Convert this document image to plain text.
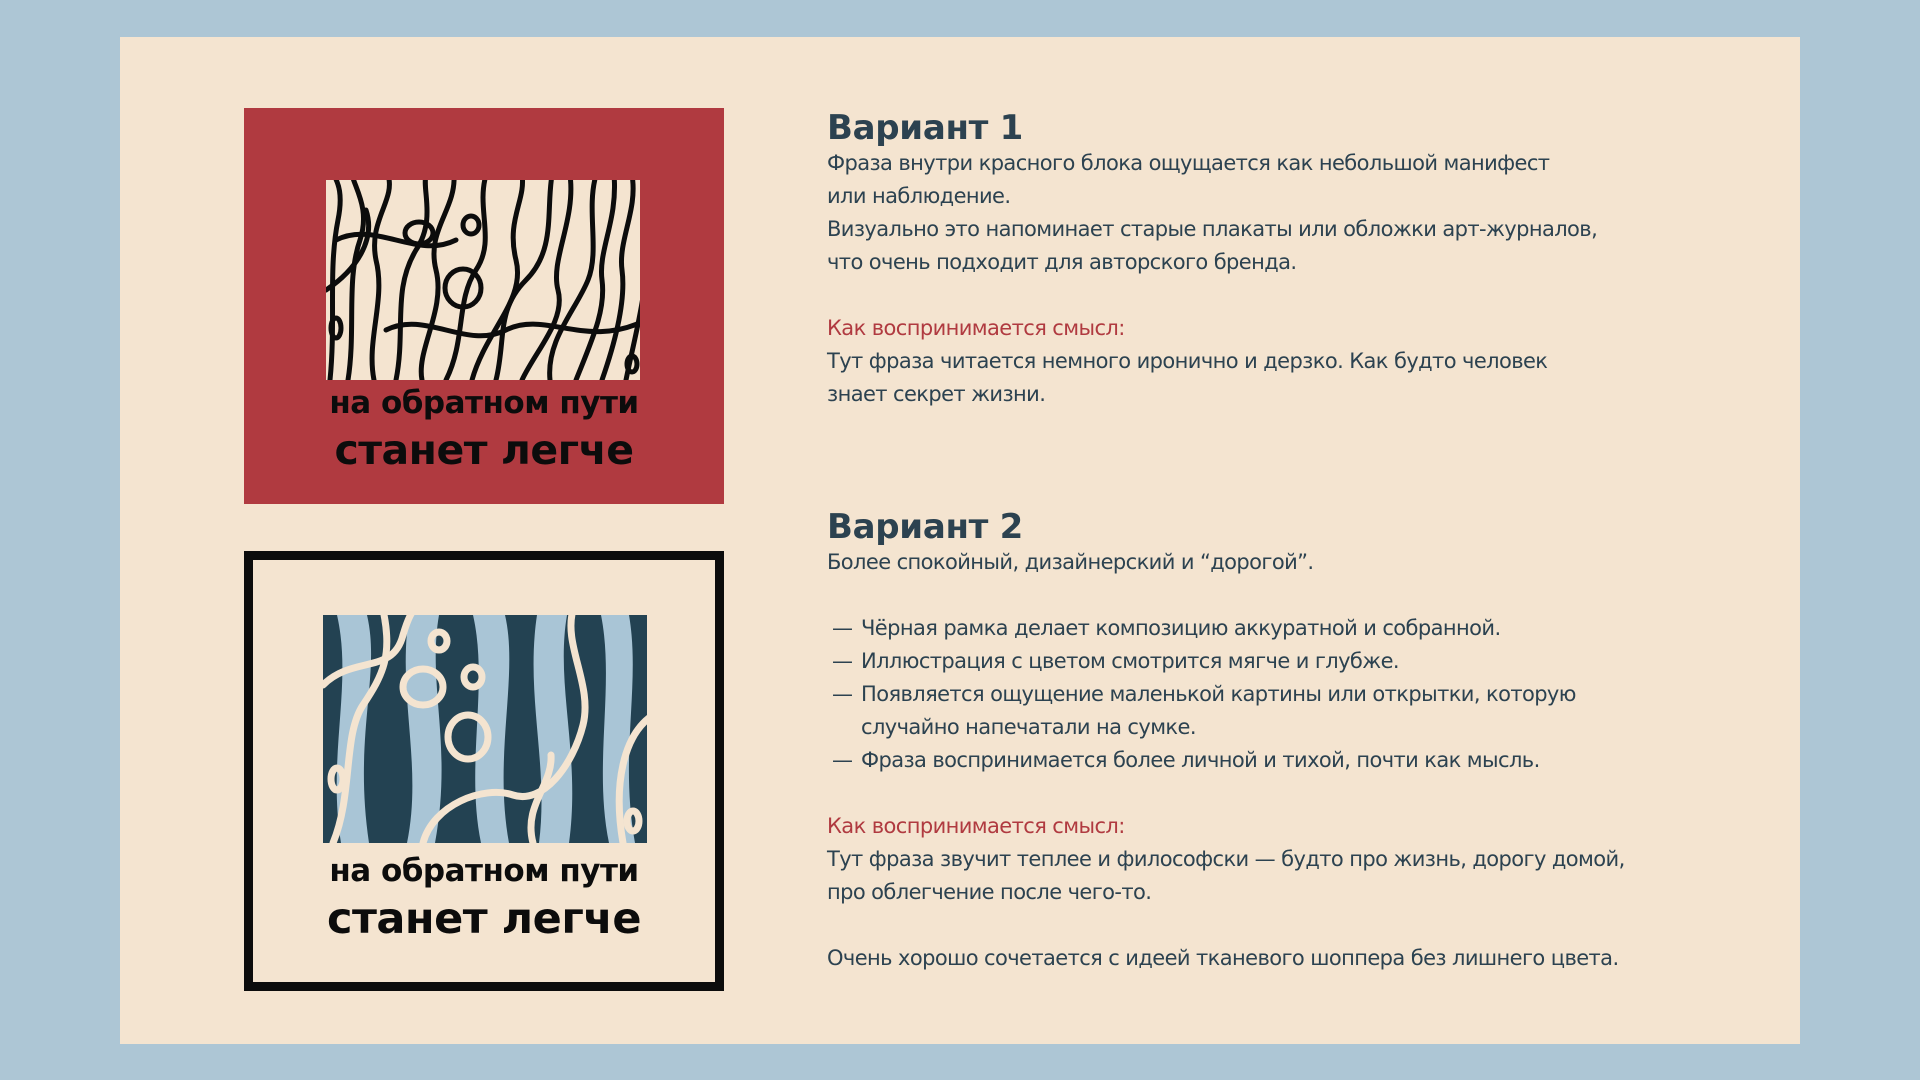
на обратном пути
станет легче
на обратном пути
станет легче
Вариант 1

Фраза внутри красного блока ощущается как небольшой манифест

или наблюдение.

Визуально это напоминает старые плакаты или обложки арт-журналов,

что очень подходит для авторского бренда.

Как воспринимается смысл:

Тут фраза читается немного иронично и дерзко. Как будто человек

знает секрет жизни.

Вариант 2

Более спокойный, дизайнерский и “дорогой”.

— Чёрная рамка делает композицию аккуратной и собранной.
— Иллюстрация с цветом смотрится мягче и глубже.
— Появляется ощущение маленькой картины или открытки, которую
случайно напечатали на сумке.
— Фраза воспринимается более личной и тихой, почти как мысль.

Как воспринимается смысл:

Тут фраза звучит теплее и философски — будто про жизнь, дорогу домой,

про облегчение после чего-то.

Очень хорошо сочетается с идеей тканевого шоппера без лишнего цвета.
